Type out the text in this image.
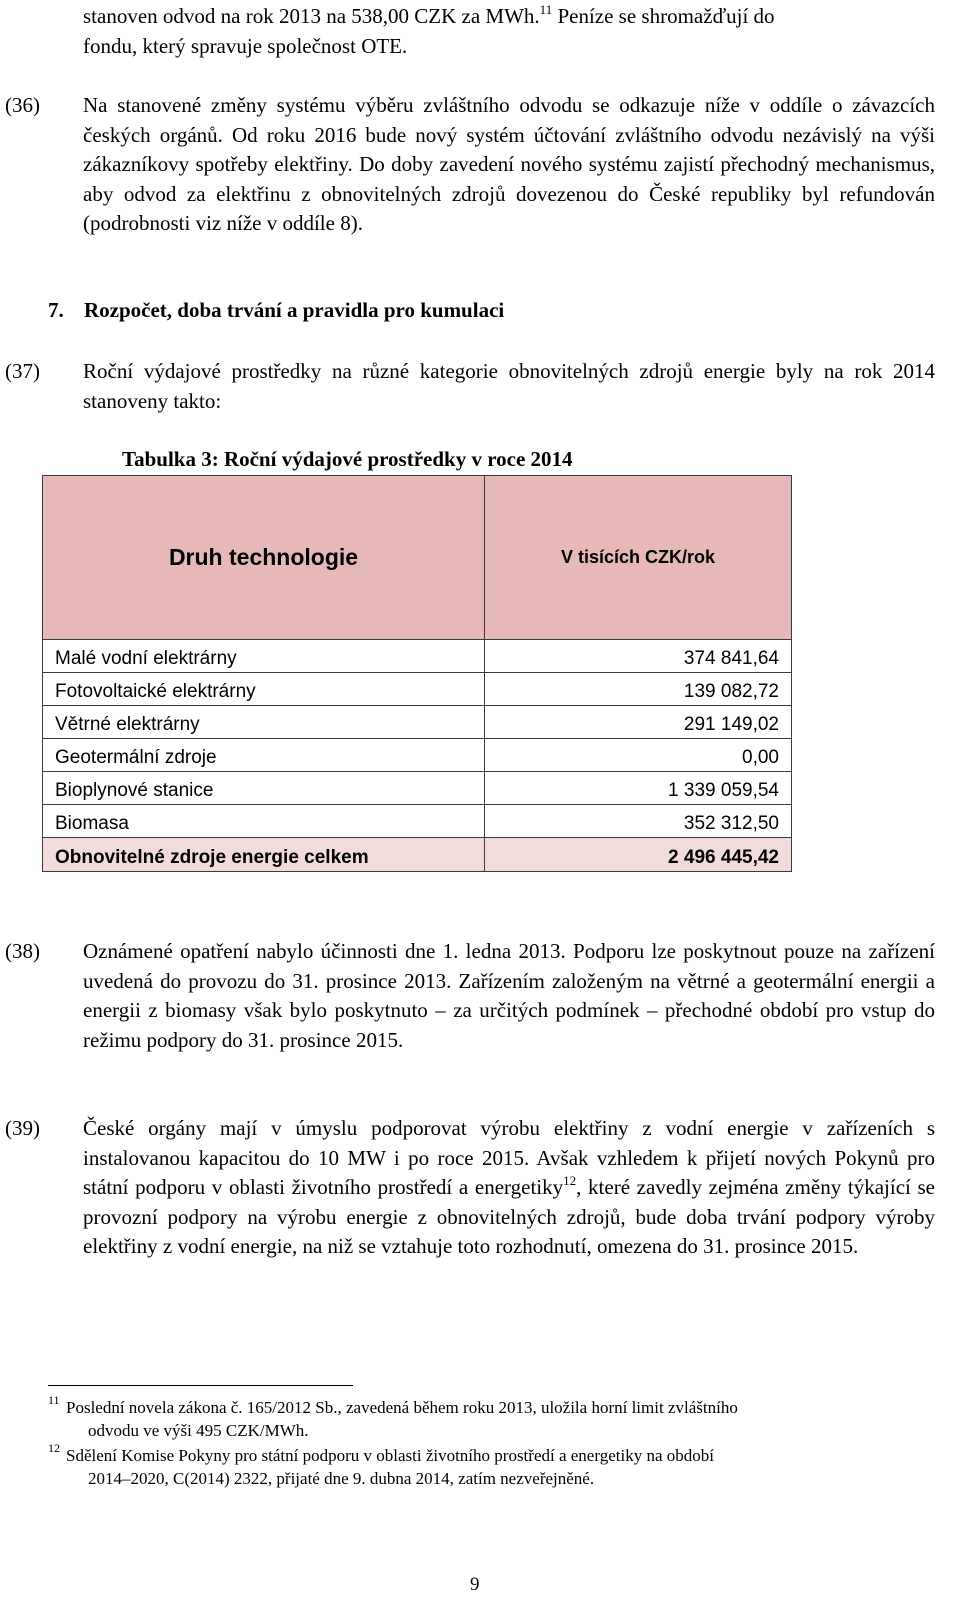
stanoven odvod na rok 2013 na 538,00 CZK za MWh.$^{11}$ Peníze se shromažďují do
fondu, který spravuje společnost OTE.
(36) Na stanovené změny systému výběru zvláštního odvodu se odkazuje níže v oddíle o závazcích českých orgánů. Od roku 2016 bude nový systém účtování zvláštního odvodu nezávislý na výši zákazníkovy spotřeby elektřiny. Do doby zavedení nového systému zajistí přechodný mechanismus, aby odvod za elektřinu z obnovitelných zdrojů dovezenou do České republiky byl refundován (podrobnosti viz níže v oddíle 8).
7. Rozpočet, doba trvání a pravidla pro kumulaci
(37) Roční výdajové prostředky na různé kategorie obnovitelných zdrojů energie byly na rok 2014 stanoveny takto:
Tabulka 3: Roční výdajové prostředky v roce 2014
Druh technologie	V tisících CZK/rok
Malé vodní elektrárny	374 841,64
Fotovoltaické elektrárny	139 082,72
Větrné elektrárny	291 149,02
Geotermální zdroje	0,00
Bioplynové stanice	1 339 059,54
Biomasa	352 312,50
Obnovitelné zdroje energie celkem	2 496 445,42
(38) Oznámené opatření nabylo účinnosti dne 1. ledna 2013. Podporu lze poskytnout pouze na zařízení uvedená do provozu do 31. prosince 2013. Zařízením založeným na větrné a geotermální energii a energii z biomasy však bylo poskytnuto – za určitých podmínek – přechodné období pro vstup do režimu podpory do 31. prosince 2015.
(39) České orgány mají v úmyslu podporovat výrobu elektřiny z vodní energie v zařízeních s instalovanou kapacitou do 10 MW i po roce 2015. Avšak vzhledem k přijetí nových Pokynů pro státní podporu v oblasti životního prostředí a energetiky$^{12}$, které zavedly zejména změny týkající se provozní podpory na výrobu energie z obnovitelných zdrojů, bude doba trvání podpory výroby elektřiny z vodní energie, na niž se vztahuje toto rozhodnutí, omezena do 31. prosince 2015.
11 Poslední novela zákona č. 165/2012 Sb., zavedená během roku 2013, uložila horní limit zvláštního
odvodu ve výši 495 CZK/MWh.
12 Sdělení Komise Pokyny pro státní podporu v oblasti životního prostředí a energetiky na období
2014–2020, C(2014) 2322, přijaté dne 9. dubna 2014, zatím nezveřejněné.
9
